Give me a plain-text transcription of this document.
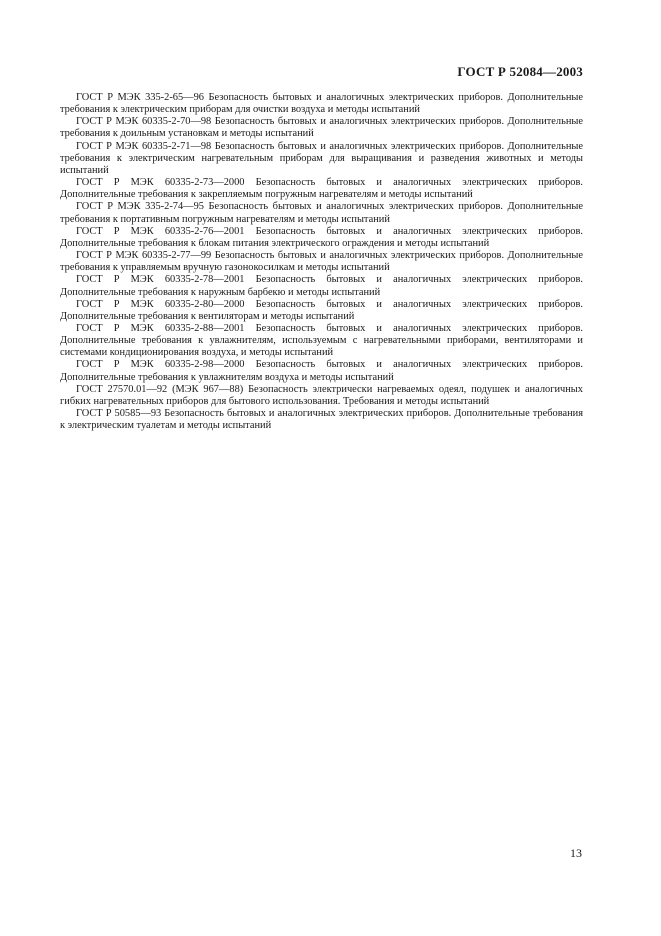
ГОСТ Р 52084—2003

ГОСТ Р МЭК 335-2-65—96 Безопасность бытовых и аналогичных электрических приборов. Дополнительные требования к электрическим приборам для очистки воздуха и методы испытаний

ГОСТ Р МЭК 60335-2-70—98 Безопасность бытовых и аналогичных электрических приборов. Дополнительные требования к доильным установкам и методы испытаний

ГОСТ Р МЭК 60335-2-71—98 Безопасность бытовых и аналогичных электрических приборов. Дополнительные требования к электрическим нагревательным приборам для выращивания и разведения животных и методы испытаний

ГОСТ Р МЭК 60335-2-73—2000 Безопасность бытовых и аналогичных электрических приборов. Дополнительные требования к закрепляемым погружным нагревателям и методы испытаний

ГОСТ Р МЭК 335-2-74—95 Безопасность бытовых и аналогичных электрических приборов. Дополнительные требования к портативным погружным нагревателям и методы испытаний

ГОСТ Р МЭК 60335-2-76—2001 Безопасность бытовых и аналогичных электрических приборов. Дополнительные требования к блокам питания электрического ограждения и методы испытаний

ГОСТ Р МЭК 60335-2-77—99 Безопасность бытовых и аналогичных электрических приборов. Дополнительные требования к управляемым вручную газонокосилкам и методы испытаний

ГОСТ Р МЭК 60335-2-78—2001 Безопасность бытовых и аналогичных электрических приборов. Дополнительные требования к наружным барбекю и методы испытаний

ГОСТ Р МЭК 60335-2-80—2000 Безопасность бытовых и аналогичных электрических приборов. Дополнительные требования к вентиляторам и методы испытаний

ГОСТ Р МЭК 60335-2-88—2001 Безопасность бытовых и аналогичных электрических приборов. Дополнительные требования к увлажнителям, используемым с нагревательными приборами, вентиляторами и системами кондиционирования воздуха, и методы испытаний

ГОСТ Р МЭК 60335-2-98—2000 Безопасность бытовых и аналогичных электрических приборов. Дополнительные требования к увлажнителям воздуха и методы испытаний

ГОСТ 27570.01—92 (МЭК 967—88) Безопасность электрически нагреваемых одеял, подушек и аналогичных гибких нагревательных приборов для бытового использования. Требования и методы испытаний

ГОСТ Р 50585—93 Безопасность бытовых и аналогичных электрических приборов. Дополнительные требования к электрическим туалетам и методы испытаний

13
